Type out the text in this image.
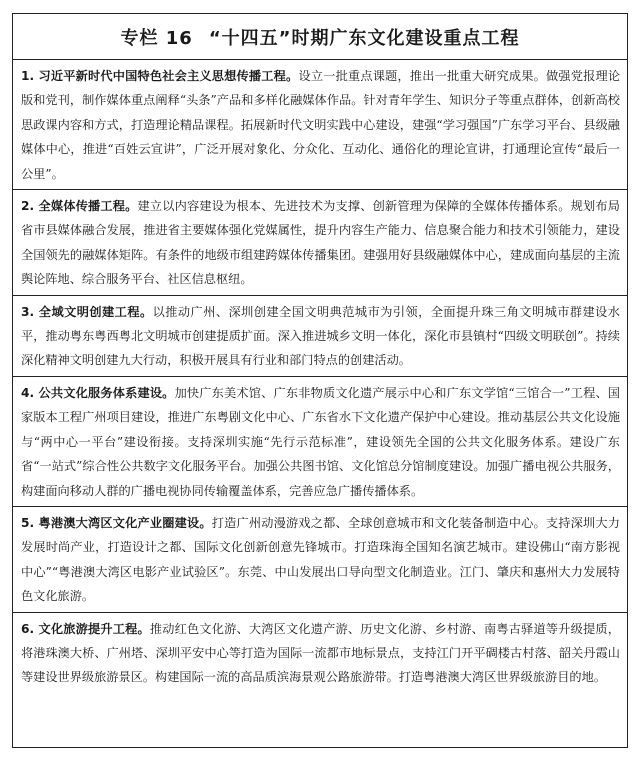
专栏 16 “十四五”时期广东文化建设重点工程
1. 习近平新时代中国特色社会主义思想传播工程。设立一批重点课题，推出一批重大研究成果。做强党报理论版和党刊，制作媒体重点阐释“头条”产品和多样化融媒体作品。针对青年学生、知识分子等重点群体，创新高校思政课内容和方式，打造理论精品课程。拓展新时代文明实践中心建设，建强“学习强国”广东学习平台、县级融媒体中心，推进“百姓云宣讲”，广泛开展对象化、分众化、互动化、通俗化的理论宣讲，打通理论宣传“最后一公里”。
2. 全媒体传播工程。建立以内容建设为根本、先进技术为支撑、创新管理为保障的全媒体传播体系。规划布局省市县媒体融合发展，推进省主要媒体强化党媒属性，提升内容生产能力、信息聚合能力和技术引领能力，建设全国领先的融媒体矩阵。有条件的地级市组建跨媒体传播集团。建强用好县级融媒体中心，建成面向基层的主流舆论阵地、综合服务平台、社区信息枢纽。
3. 全域文明创建工程。以推动广州、深圳创建全国文明典范城市为引领，全面提升珠三角文明城市群建设水平，推动粤东粤西粤北文明城市创建提质扩面。深入推进城乡文明一体化，深化市县镇村“四级文明联创”。持续深化精神文明创建九大行动，积极开展具有行业和部门特点的创建活动。
4. 公共文化服务体系建设。加快广东美术馆、广东非物质文化遗产展示中心和广东文学馆“三馆合一”工程、国家版本工程广州项目建设，推进广东粤剧文化中心、广东省水下文化遗产保护中心建设。推动基层公共文化设施与“两中心一平台”建设衔接。支持深圳实施“先行示范标准”，建设领先全国的公共文化服务体系。建设广东省“一站式”综合性公共数字文化服务平台。加强公共图书馆、文化馆总分馆制度建设。加强广播电视公共服务，构建面向移动人群的广播电视协同传输覆盖体系，完善应急广播传播体系。
5. 粤港澳大湾区文化产业圈建设。打造广州动漫游戏之都、全球创意城市和文化装备制造中心。支持深圳大力发展时尚产业，打造设计之都、国际文化创新创意先锋城市。打造珠海全国知名演艺城市。建设佛山“南方影视中心”“粤港澳大湾区电影产业试验区”。东莞、中山发展出口导向型文化制造业。江门、肇庆和惠州大力发展特色文化旅游。
6. 文化旅游提升工程。推动红色文化游、大湾区文化遗产游、历史文化游、乡村游、南粤古驿道等升级提质，将港珠澳大桥、广州塔、深圳平安中心等打造为国际一流都市地标景点，支持江门开平碉楼古村落、韶关丹霞山等建设世界级旅游景区。构建国际一流的高品质滨海景观公路旅游带。打造粤港澳大湾区世界级旅游目的地。
